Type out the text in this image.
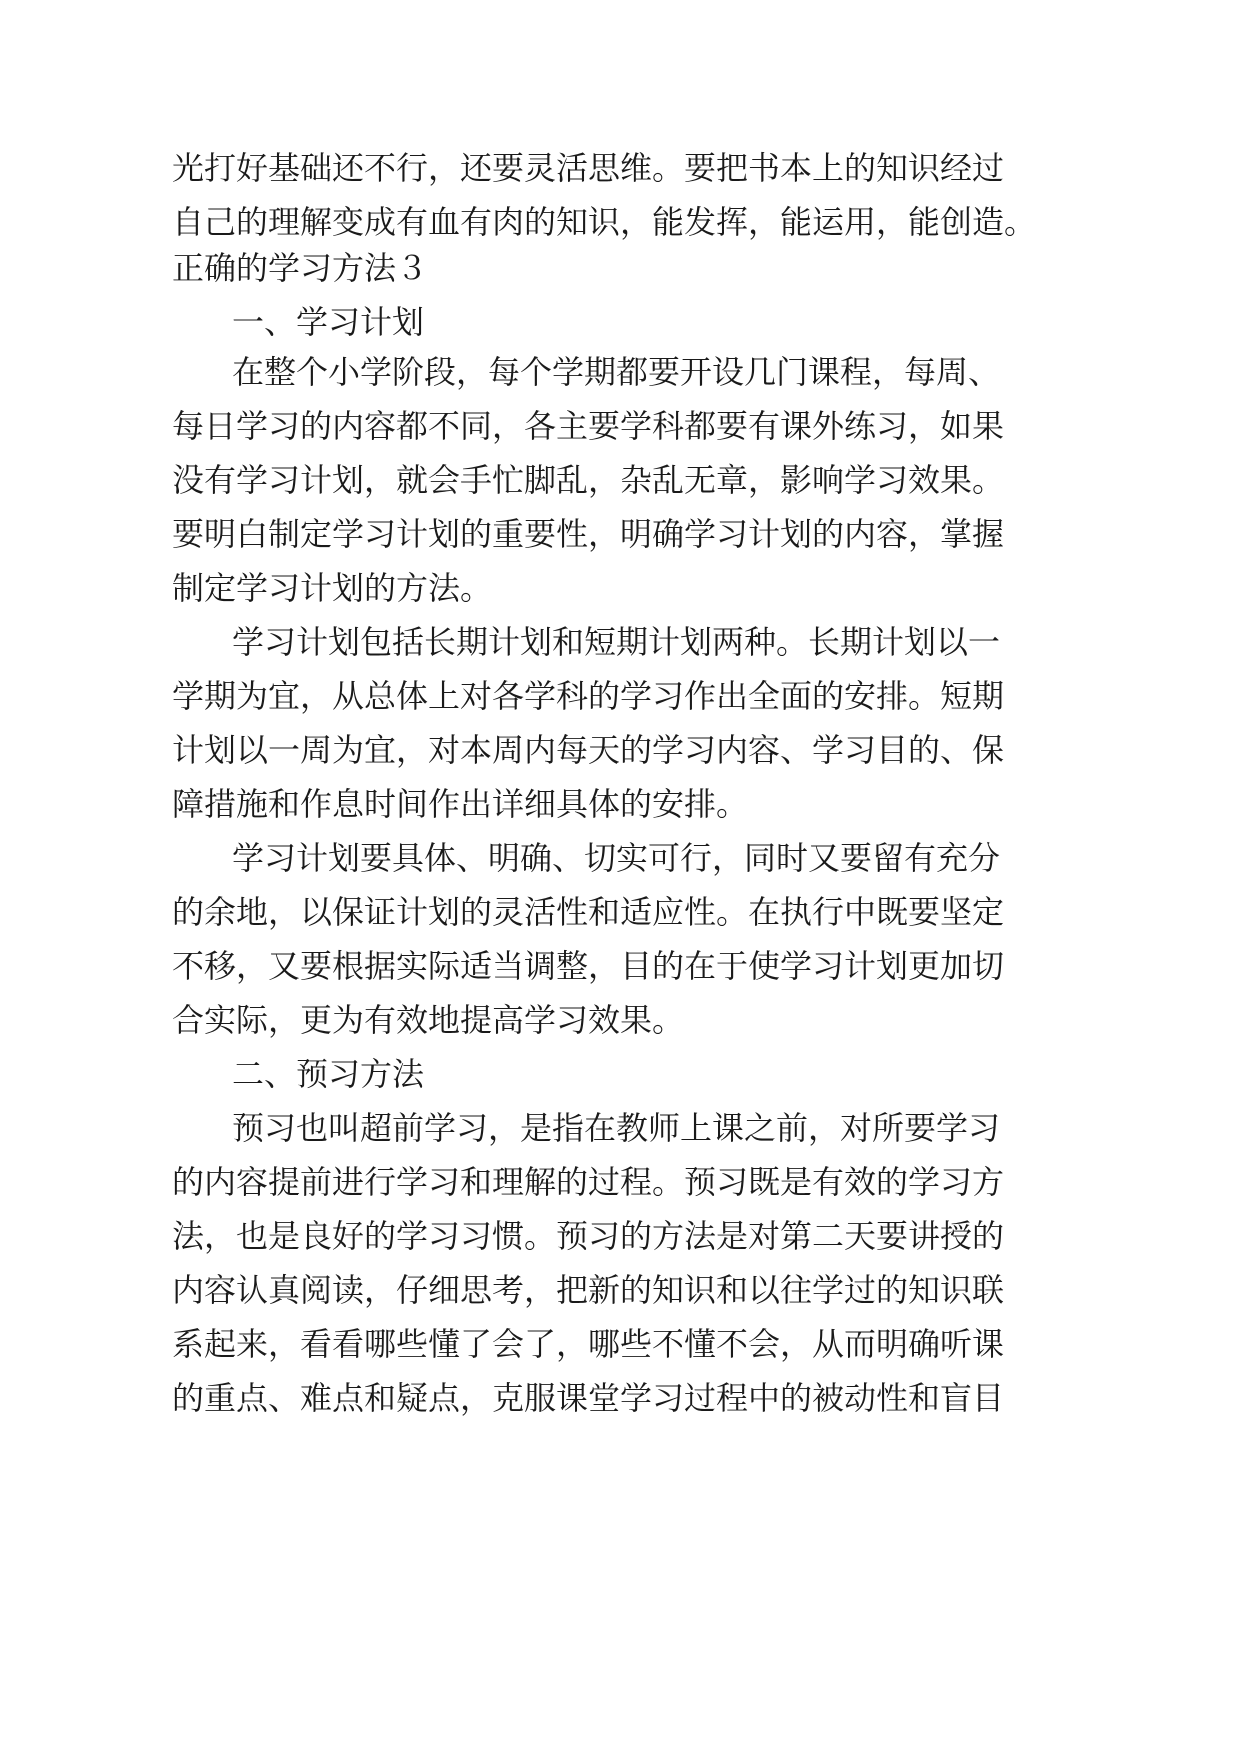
光打好基础还不行，还要灵活思维。要把书本上的知识经过
自己的理解变成有血有肉的知识，能发挥，能运用，能创造。
正确的学习方法３
一、学习计划
在整个小学阶段，每个学期都要开设几门课程，每周、
每日学习的内容都不同，各主要学科都要有课外练习，如果
没有学习计划，就会手忙脚乱，杂乱无章，影响学习效果。
要明白制定学习计划的重要性，明确学习计划的内容，掌握
制定学习计划的方法。
学习计划包括长期计划和短期计划两种。长期计划以一
学期为宜，从总体上对各学科的学习作出全面的安排。短期
计划以一周为宜，对本周内每天的学习内容、学习目的、保
障措施和作息时间作出详细具体的安排。
学习计划要具体、明确、切实可行，同时又要留有充分
的余地，以保证计划的灵活性和适应性。在执行中既要坚定
不移，又要根据实际适当调整，目的在于使学习计划更加切
合实际，更为有效地提高学习效果。
二、预习方法
预习也叫超前学习，是指在教师上课之前，对所要学习
的内容提前进行学习和理解的过程。预习既是有效的学习方
法，也是良好的学习习惯。预习的方法是对第二天要讲授的
内容认真阅读，仔细思考，把新的知识和以往学过的知识联
系起来，看看哪些懂了会了，哪些不懂不会，从而明确听课
的重点、难点和疑点，克服课堂学习过程中的被动性和盲目
